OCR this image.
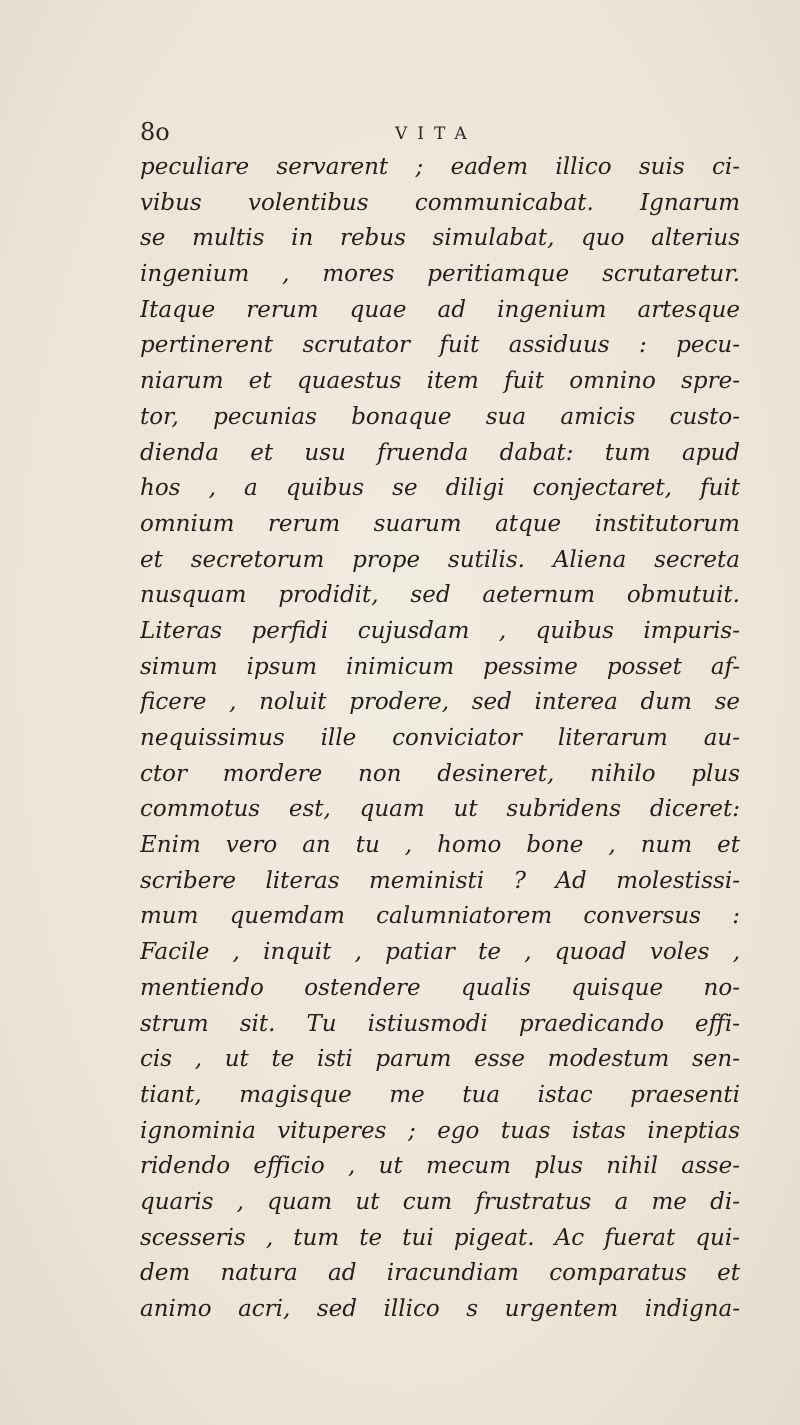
8o	VITA
peculiare servarent ; eadem illico suis ci-
vibus volentibus communicabat. Ignarum
se multis in rebus simulabat, quo alterius
ingenium , mores peritiamque scrutaretur.
Itaque rerum quae ad ingenium artesque
pertinerent scrutator fuit assiduus : pecu-
niarum et quaestus item fuit omnino spre-
tor, pecunias bonaque sua amicis custo-
dienda et usu fruenda dabat: tum apud
hos , a quibus se diligi conjectaret, fuit
omnium rerum suarum atque institutorum
et secretorum prope sutilis. Aliena secreta
nusquam prodidit, sed aeternum obmutuit.
Literas perfidi cujusdam , quibus impuris-
simum ipsum inimicum pessime posset af-
ficere , noluit prodere, sed interea dum se
nequissimus ille conviciator literarum au-
ctor mordere non desineret, nihilo plus
commotus est, quam ut subridens diceret:
Enim vero an tu , homo bone , num et
scribere literas meministi ? Ad molestissi-
mum quemdam calumniatorem conversus :
Facile , inquit , patiar te , quoad voles ,
mentiendo ostendere qualis quisque no-
strum sit. Tu istiusmodi praedicando effi-
cis , ut te isti parum esse modestum sen-
tiant, magisque me tua istac praesenti
ignominia vituperes ; ego tuas istas ineptias
ridendo efficio , ut mecum plus nihil asse-
quaris , quam ut cum frustratus a me di-
scesseris , tum te tui pigeat. Ac fuerat qui-
dem natura ad iracundiam comparatus et
animo acri, sed illico s urgentem indigna-
